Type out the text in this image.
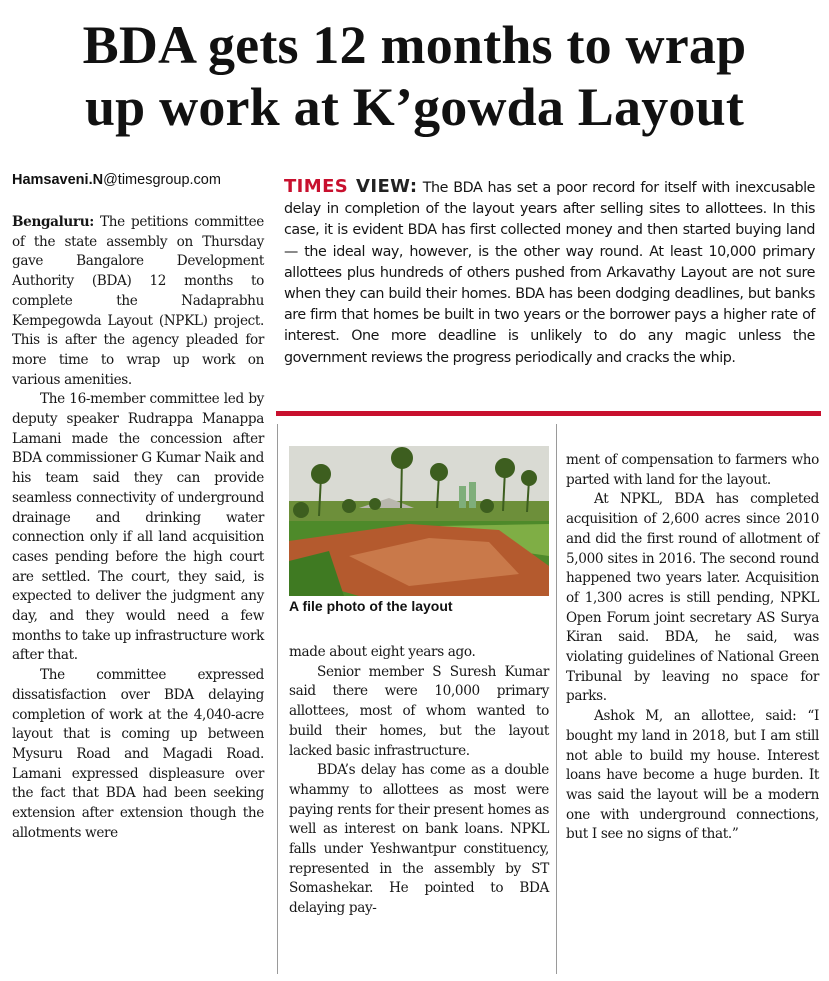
BDA gets 12 months to wrap
up work at K’gowda Layout
Hamsaveni.N@timesgroup.com	TIMES VIEW: The BDA has set a poor record for itself with inexcusable delay in completion of the layout years after selling sites to allottees. In this case, it is evident BDA has first collected money and then started buying land — the ideal way, however, is the other way round. At least 10,000 primary allottees plus hundreds of others pushed from Arkavathy Layout are not sure when they can build their homes. BDA has been dodging deadlines, but banks are firm that homes be built in two years or the borrower pays a higher rate of interest. One more deadline is unlikely to do any magic unless the government reviews the progress periodically and cracks the whip.

Bengaluru: The petitions committee of the state assembly on Thursday gave Bangalore Development Authority (BDA) 12 months to complete the Nadaprabhu Kempegowda Layout (NPKL) project. This is after the agency pleaded for more time to wrap up work on various amenities.

The 16-member committee led by deputy speaker Rudrappa Manappa Lamani made the concession after BDA commissioner G Kumar Naik and his team said they can provide seamless connectivity of underground drainage and drinking water connection only if all land acquisition cases pending before the high court are settled. The court, they said, is expected to deliver the judgment any day, and they would need a few months to take up infrastructure work after that.

The committee expressed dissatisfaction over BDA delaying completion of work at the 4,040-acre layout that is coming up between Mysuru Road and Magadi Road. Lamani expressed displeasure over the fact that BDA had been seeking extension after extension though the allotments were

A file photo of the layout

made about eight years ago.

Senior member S Suresh Kumar said there were 10,000 primary allottees, most of whom wanted to build their homes, but the layout lacked basic infrastructure.

BDA’s delay has come as a double whammy to allottees as most were paying rents for their present homes as well as interest on bank loans. NPKL falls under Yeshwantpur constituency, represented in the assembly by ST Somashekar. He pointed to BDA delaying pay-

ment of compensation to farmers who parted with land for the layout.

At NPKL, BDA has completed acquisition of 2,600 acres since 2010 and did the first round of allotment of 5,000 sites in 2016. The second round happened two years later. Acquisition of 1,300 acres is still pending, NPKL Open Forum joint secretary AS Surya Kiran said. BDA, he said, was violating guidelines of National Green Tribunal by leaving no space for parks.

Ashok M, an allottee, said: “I bought my land in 2018, but I am still not able to build my house. Interest loans have become a huge burden. It was said the layout will be a modern one with underground connections, but I see no signs of that.”
